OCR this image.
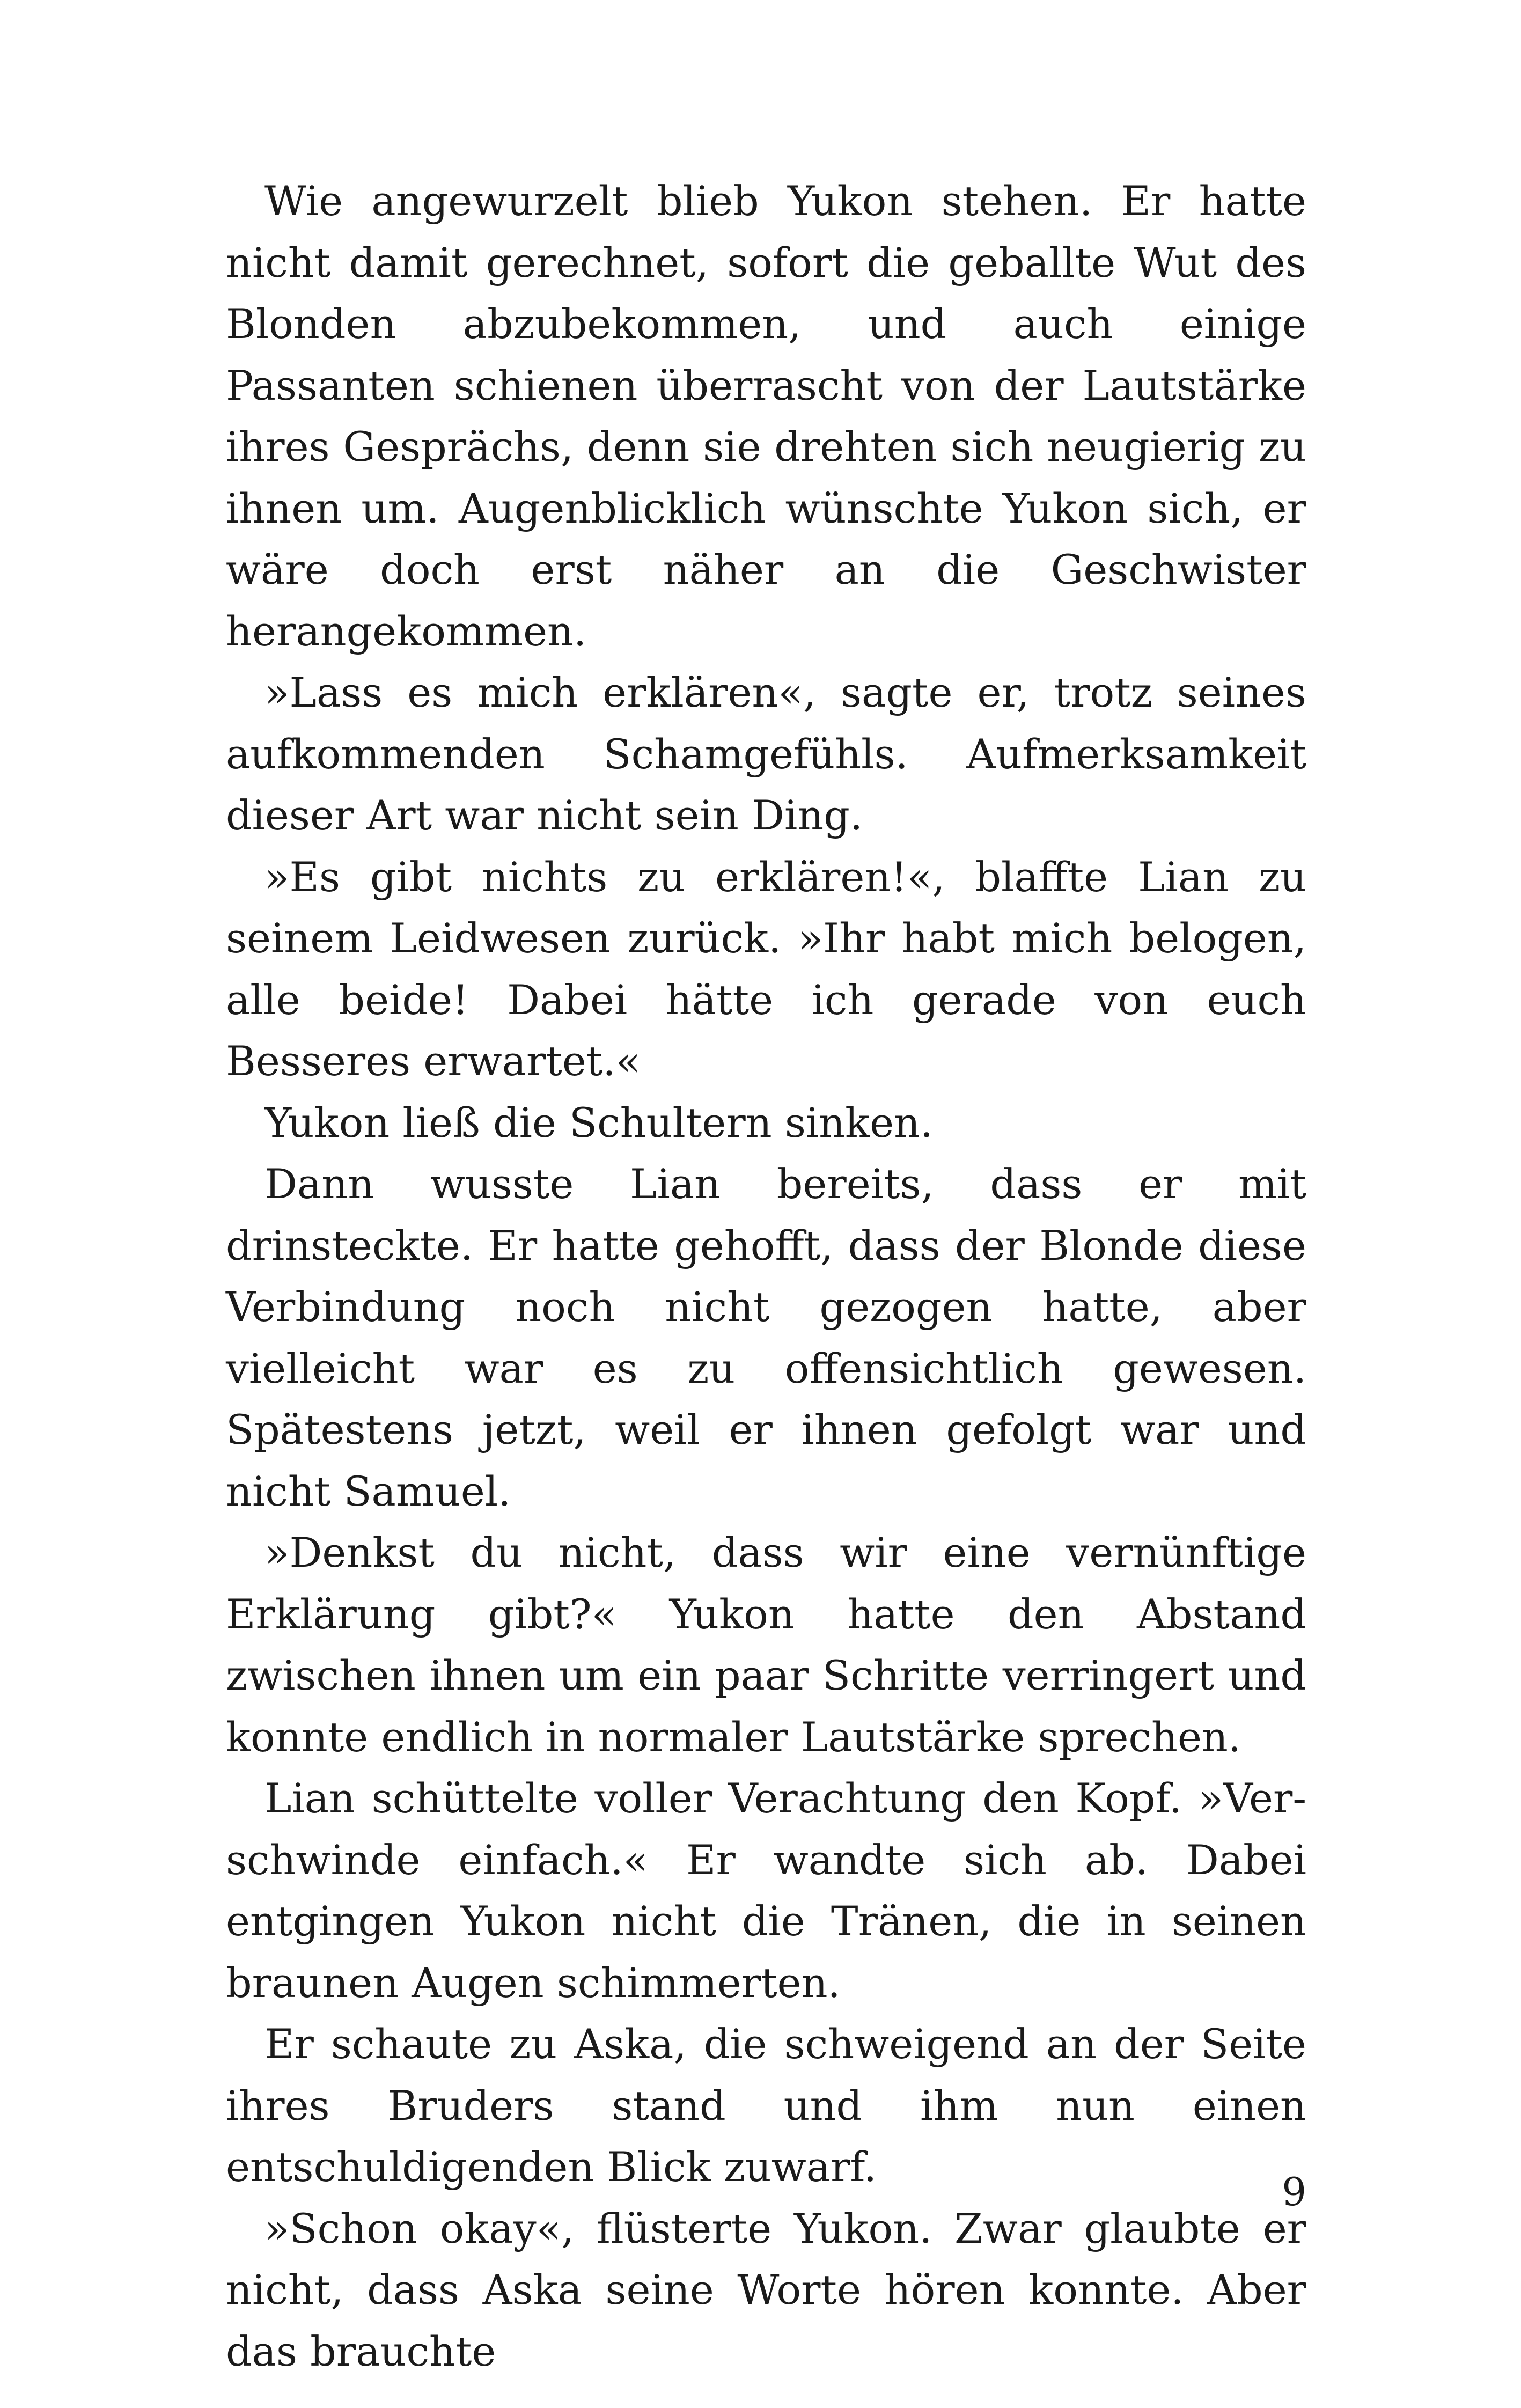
Wie angewurzelt blieb Yukon stehen. Er hatte nicht damit gerechnet, sofort die geballte Wut des Blonden abzubekommen, und auch einige Passanten schienen überrascht von der Lautstärke ihres Gesprächs, denn sie drehten sich neugierig zu ihnen um. Augenblicklich wünschte Yukon sich, er wäre doch erst näher an die Geschwister herangekommen.

»Lass es mich erklären«, sagte er, trotz seines aufkommenden Schamgefühls. Aufmerksamkeit dieser Art war nicht sein Ding.

»Es gibt nichts zu erklären!«, blaffte Lian zu seinem Leidwesen zurück. »Ihr habt mich belogen, alle beide! Dabei hätte ich gerade von euch Besseres erwartet.«

Yukon ließ die Schultern sinken.

Dann wusste Lian bereits, dass er mit drinsteckte. Er hatte gehofft, dass der Blonde diese Verbindung noch nicht gezogen hatte, aber vielleicht war es zu offensichtlich gewesen. Spätestens jetzt, weil er ihnen gefolgt war und nicht Samuel.

»Denkst du nicht, dass wir eine vernünftige Erklärung gibt?« Yukon hatte den Abstand zwischen ihnen um ein paar Schritte verringert und konnte endlich in normaler Lautstärke sprechen.

Lian schüttelte voller Verachtung den Kopf. »Verschwinde einfach.« Er wandte sich ab. Dabei entgingen Yukon nicht die Tränen, die in seinen braunen Augen schimmerten.

Er schaute zu Aska, die schweigend an der Seite ihres Bruders stand und ihm nun einen entschuldigenden Blick zuwarf.

»Schon okay«, flüsterte Yukon. Zwar glaubte er nicht, dass Aska seine Worte hören konnte. Aber das brauchte

9
